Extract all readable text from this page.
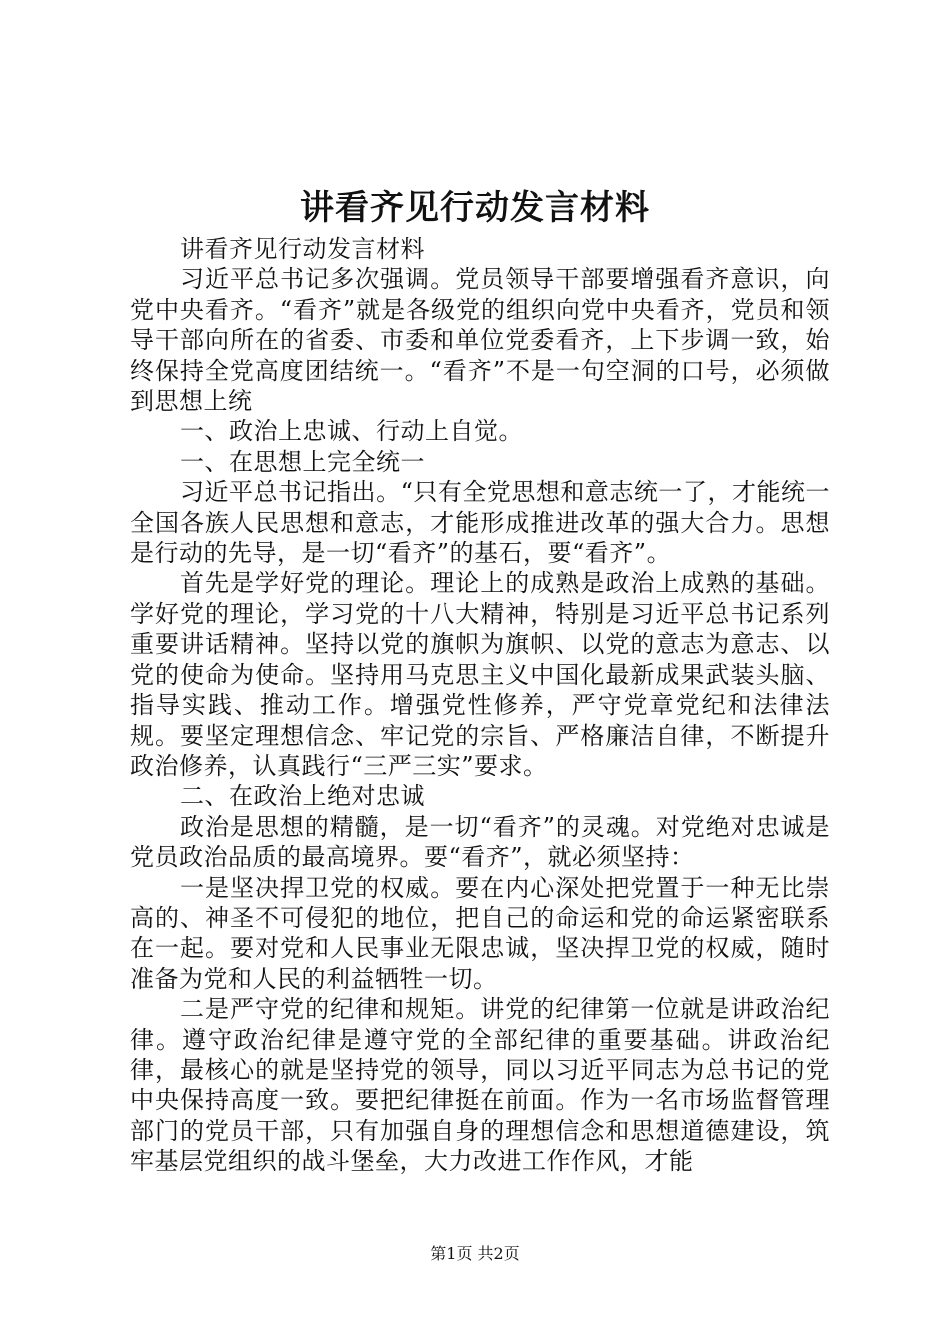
讲看齐见行动发言材料

讲看齐见行动发言材料

习近平总书记多次强调。党员领导干部要增强看齐意识，向党中央看齐。“看齐”就是各级党的组织向党中央看齐，党员和领导干部向所在的省委、市委和单位党委看齐，上下步调一致，始终保持全党高度团结统一。“看齐”不是一句空洞的口号，必须做到思想上统

一、政治上忠诚、行动上自觉。

一、在思想上完全统一

习近平总书记指出。“只有全党思想和意志统一了，才能统一全国各族人民思想和意志，才能形成推进改革的强大合力。思想是行动的先导，是一切“看齐”的基石，要“看齐”。

首先是学好党的理论。理论上的成熟是政治上成熟的基础。学好党的理论，学习党的十八大精神，特别是习近平总书记系列重要讲话精神。坚持以党的旗帜为旗帜、以党的意志为意志、以党的使命为使命。坚持用马克思主义中国化最新成果武装头脑、指导实践、推动工作。增强党性修养，严守党章党纪和法律法规。要坚定理想信念、牢记党的宗旨、严格廉洁自律，不断提升政治修养，认真践行“三严三实”要求。

二、在政治上绝对忠诚

政治是思想的精髓，是一切“看齐”的灵魂。对党绝对忠诚是党员政治品质的最高境界。要“看齐”，就必须坚持：

一是坚决捍卫党的权威。要在内心深处把党置于一种无比崇高的、神圣不可侵犯的地位，把自己的命运和党的命运紧密联系在一起。要对党和人民事业无限忠诚，坚决捍卫党的权威，随时准备为党和人民的利益牺牲一切。

二是严守党的纪律和规矩。讲党的纪律第一位就是讲政治纪律。遵守政治纪律是遵守党的全部纪律的重要基础。讲政治纪律，最核心的就是坚持党的领导，同以习近平同志为总书记的党中央保持高度一致。要把纪律挺在前面。作为一名市场监督管理部门的党员干部，只有加强自身的理想信念和思想道德建设，筑牢基层党组织的战斗堡垒，大力改进工作作风，才能

第1页 共2页
